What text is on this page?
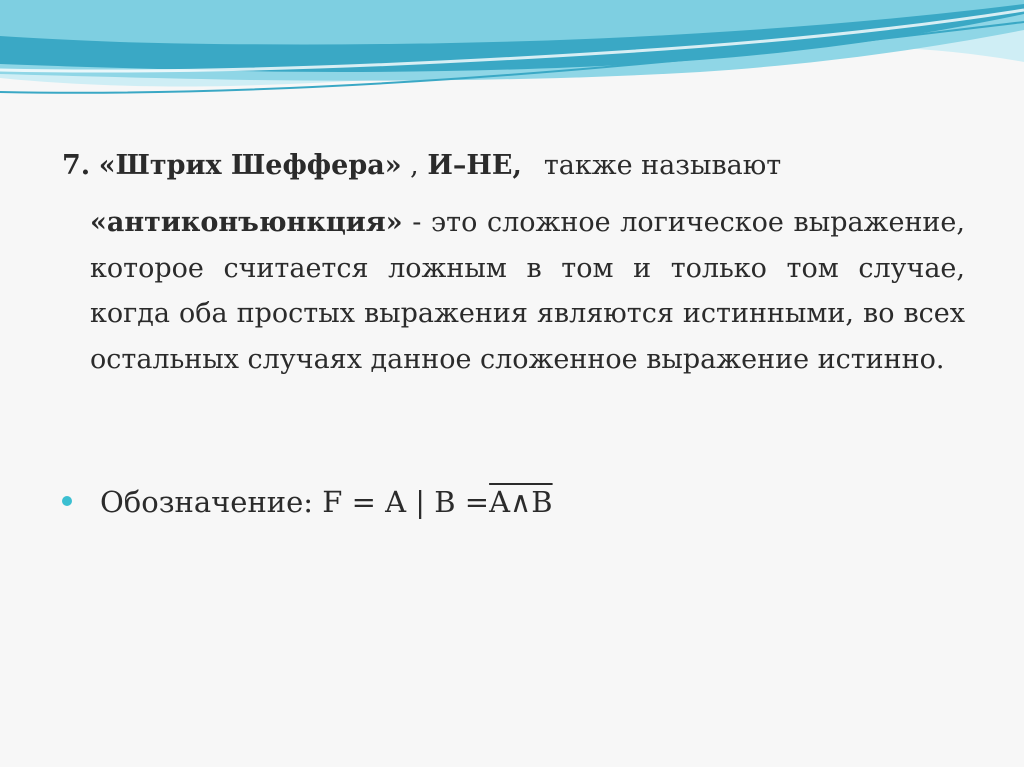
7. «Штрих Шеффера» , И–НЕ, также называют
«антиконъюнкция» - это сложное логическое выражение, которое считается ложным в том и только том случае, когда оба простых выражения являются истинными, во всех остальных случаях данное сложенное выражение истинно.
Обозначение: F = A | B =A∧B
